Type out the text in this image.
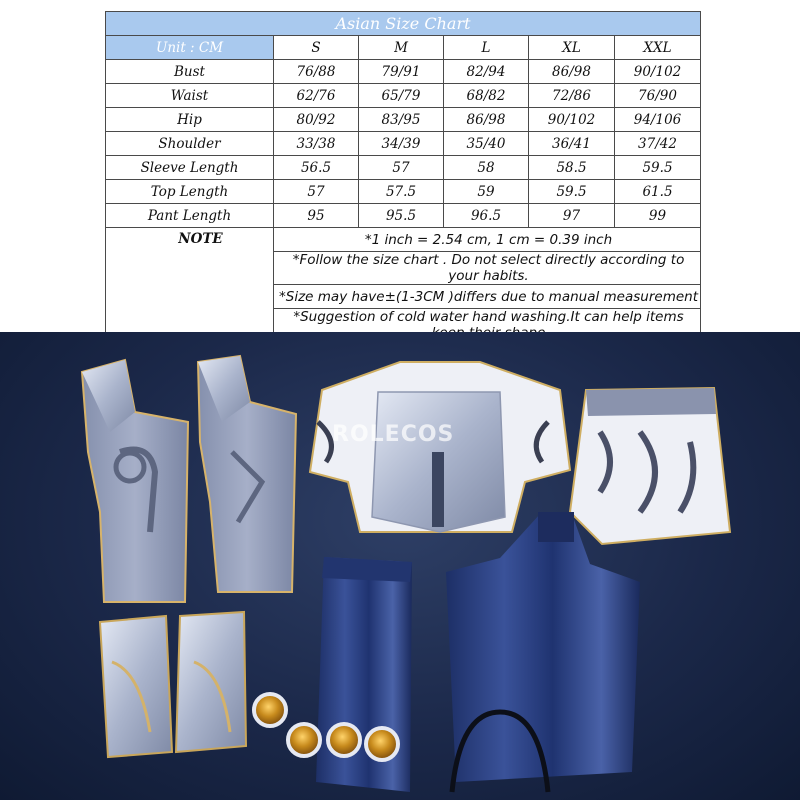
Asian Size Chart					
Unit : CM	S	M	L	XL	XXL
Bust	76/88	79/91	82/94	86/98	90/102
Waist	62/76	65/79	68/82	72/86	76/90
Hip	80/92	83/95	86/98	90/102	94/106
Shoulder	33/38	34/39	35/40	36/41	37/42
Sleeve Length	56.5	57	58	58.5	59.5
Top Length	57	57.5	59	59.5	61.5
Pant Length	95	95.5	96.5	97	99
NOTE	*1 inch = 2.54 cm, 1 cm = 0.39 inch				
	*Follow the size chart . Do not select directly according to your habits.				
	*Size may have±(1-3CM )differs due to manual measurement				
	*Suggestion of cold water hand washing.It can help items				
ROLECOS
